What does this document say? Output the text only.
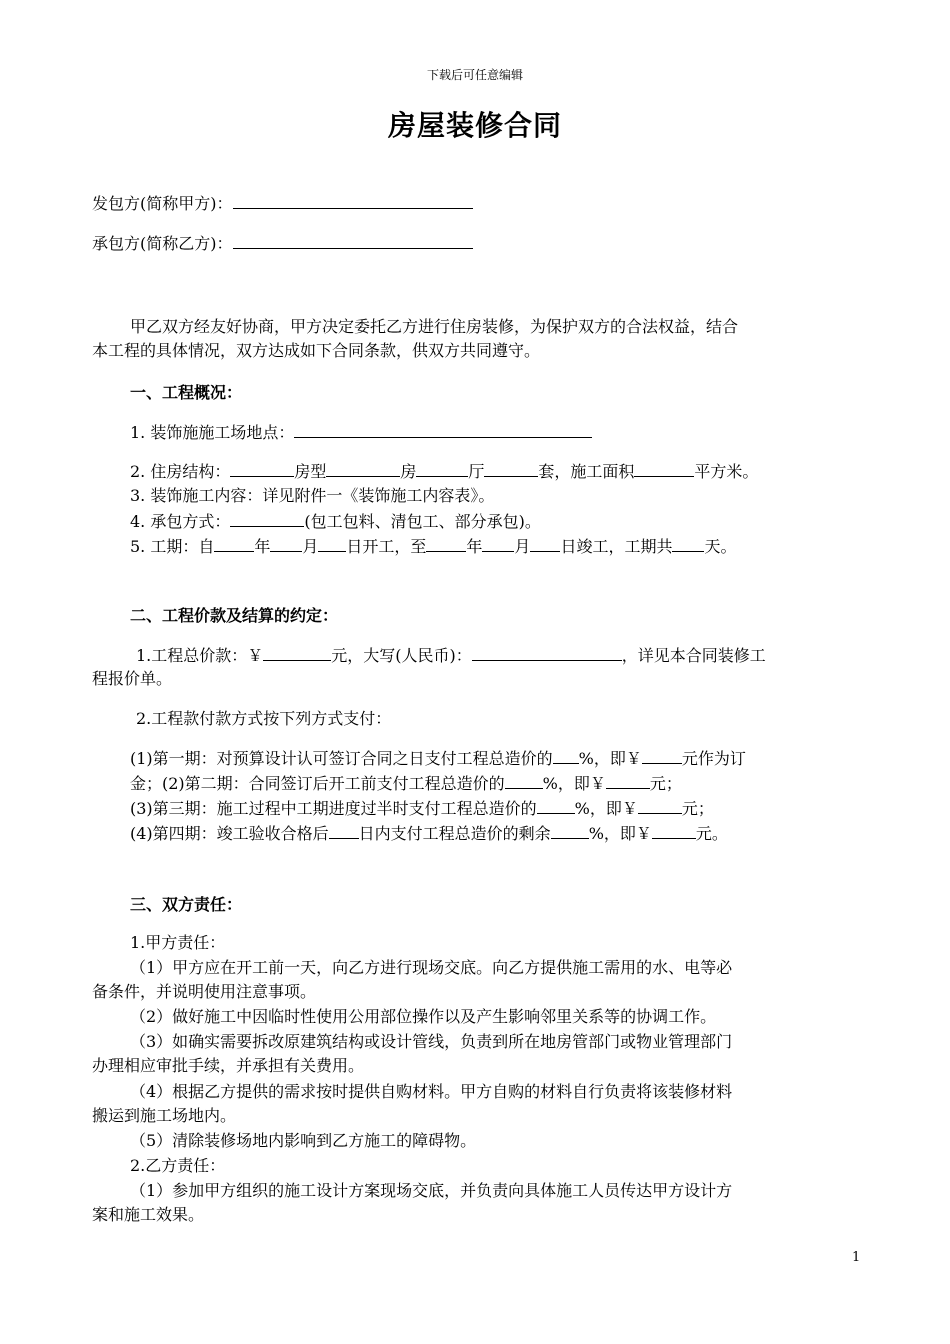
下载后可任意编辑
房屋装修合同
发包方(简称甲方)：
承包方(简称乙方)：
甲乙双方经友好协商，甲方决定委托乙方进行住房装修，为保护双方的合法权益，结合
本工程的具体情况，双方达成如下合同条款，供双方共同遵守。
一、工程概况：
1. 装饰施施工场地点：
2. 住房结构：	房型	房	厅	套，施工面积	平方米。
3. 装饰施工内容：详见附件一《装饰施工内容表》。
4. 承包方式：	(包工包料、清包工、部分承包)。
5. 工期：自	年 月 日开工，至	年 月 日竣工，工期共 天。
二、工程价款及结算的约定：
1.工程总价款：￥	元，大写(人民币)：	，详见本合同装修工
程报价单。
2.工程款付款方式按下列方式支付：
(1)第一期：对预算设计认可签订合同之日支付工程总造价的 %，即￥	元作为订
金；(2)第二期：合同签订后开工前支付工程总造价的 %，即￥	元；
(3)第三期：施工过程中工期进度过半时支付工程总造价的 %，即￥	元；
(4)第四期：竣工验收合格后 日内支付工程总造价的剩余 %，即￥	元。
三、双方责任：
1.甲方责任：
（1）甲方应在开工前一天，向乙方进行现场交底。向乙方提供施工需用的水、电等必
备条件，并说明使用注意事项。
（2）做好施工中因临时性使用公用部位操作以及产生影响邻里关系等的协调工作。
（3）如确实需要拆改原建筑结构或设计管线，负责到所在地房管部门或物业管理部门
办理相应审批手续，并承担有关费用。
（4）根据乙方提供的需求按时提供自购材料。甲方自购的材料自行负责将该装修材料
搬运到施工场地内。
（5）清除装修场地内影响到乙方施工的障碍物。
2.乙方责任：
（1）参加甲方组织的施工设计方案现场交底，并负责向具体施工人员传达甲方设计方
案和施工效果。
1
